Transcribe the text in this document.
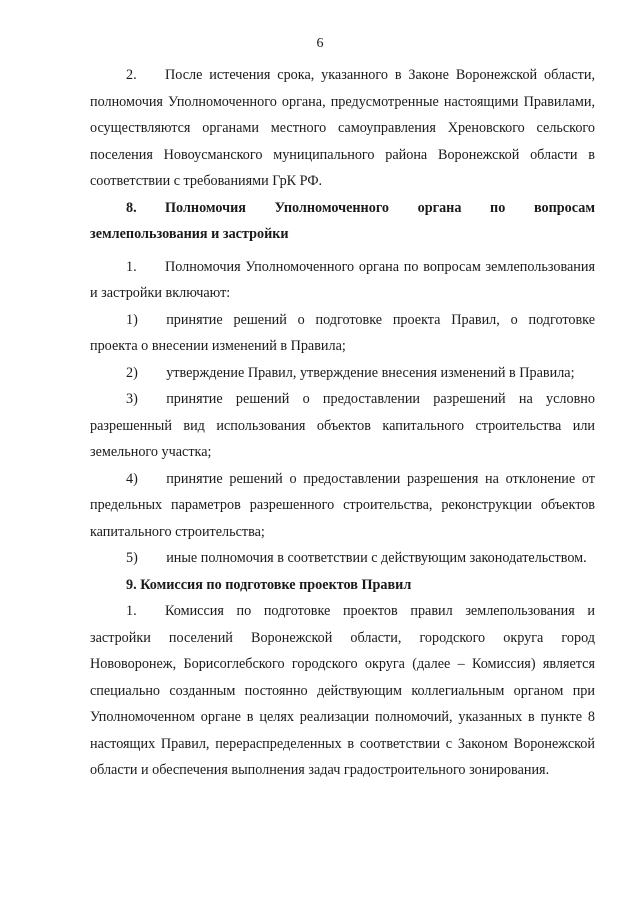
6

2.  После истечения срока, указанного в Законе Воронежской области, полномочия Уполномоченного органа, предусмотренные настоящими Правилами, осуществляются органами местного самоуправления Хреновского сельского поселения Новоусманского муниципального района Воронежской области в соответствии с требованиями ГрК РФ.

8.  Полномочия Уполномоченного органа по вопросам землепользования и застройки

1.  Полномочия Уполномоченного органа по вопросам землепользования и застройки включают:

1)  принятие решений о подготовке проекта Правил, о подготовке проекта о внесении изменений в Правила;

2)  утверждение Правил, утверждение внесения изменений в Правила;

3)  принятие решений о предоставлении разрешений на условно разрешенный вид использования объектов капитального строительства или земельного участка;

4)  принятие решений о предоставлении разрешения на отклонение от предельных параметров разрешенного строительства, реконструкции объектов капитального строительства;

5)  иные полномочия в соответствии с действующим законодательством.

9. Комиссия по подготовке проектов Правил

1.  Комиссия по подготовке проектов правил землепользования и застройки поселений Воронежской области, городского округа город Нововоронеж, Борисоглебского городского округа (далее – Комиссия) является специально созданным постоянно действующим коллегиальным органом при Уполномоченном органе в целях реализации полномочий, указанных в пункте 8 настоящих Правил, перераспределенных в соответствии с Законом Воронежской области и обеспечения выполнения задач градостроительного зонирования.
